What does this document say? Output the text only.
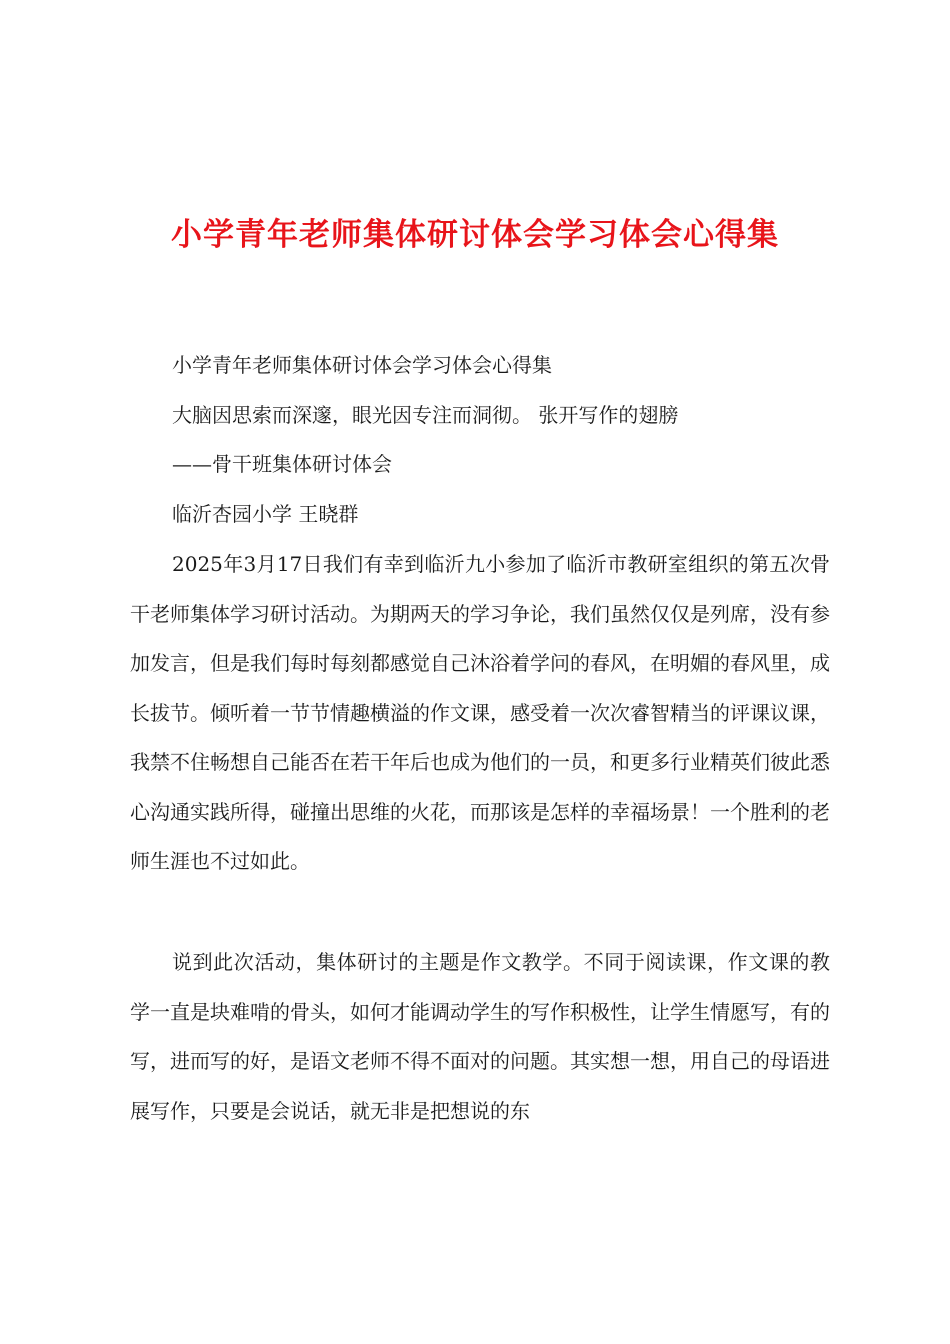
小学青年老师集体研讨体会学习体会心得集
小学青年老师集体研讨体会学习体会心得集
大脑因思索而深邃，眼光因专注而洞彻。 张开写作的翅膀
——骨干班集体研讨体会
临沂杏园小学 王晓群

2025年3月17日我们有幸到临沂九小参加了临沂市教研室组织的第五次骨干老师集体学习研讨活动。为期两天的学习争论，我们虽然仅仅是列席，没有参加发言，但是我们每时每刻都感觉自己沐浴着学问的春风，在明媚的春风里，成长拔节。倾听着一节节情趣横溢的作文课，感受着一次次睿智精当的评课议课，我禁不住畅想自己能否在若干年后也成为他们的一员，和更多行业精英们彼此悉心沟通实践所得，碰撞出思维的火花，而那该是怎样的幸福场景！一个胜利的老师生涯也不过如此。

说到此次活动，集体研讨的主题是作文教学。不同于阅读课，作文课的教学一直是块难啃的骨头，如何才能调动学生的写作积极性，让学生情愿写，有的写，进而写的好，是语文老师不得不面对的问题。其实想一想，用自己的母语进展写作，只要是会说话，就无非是把想说的东
